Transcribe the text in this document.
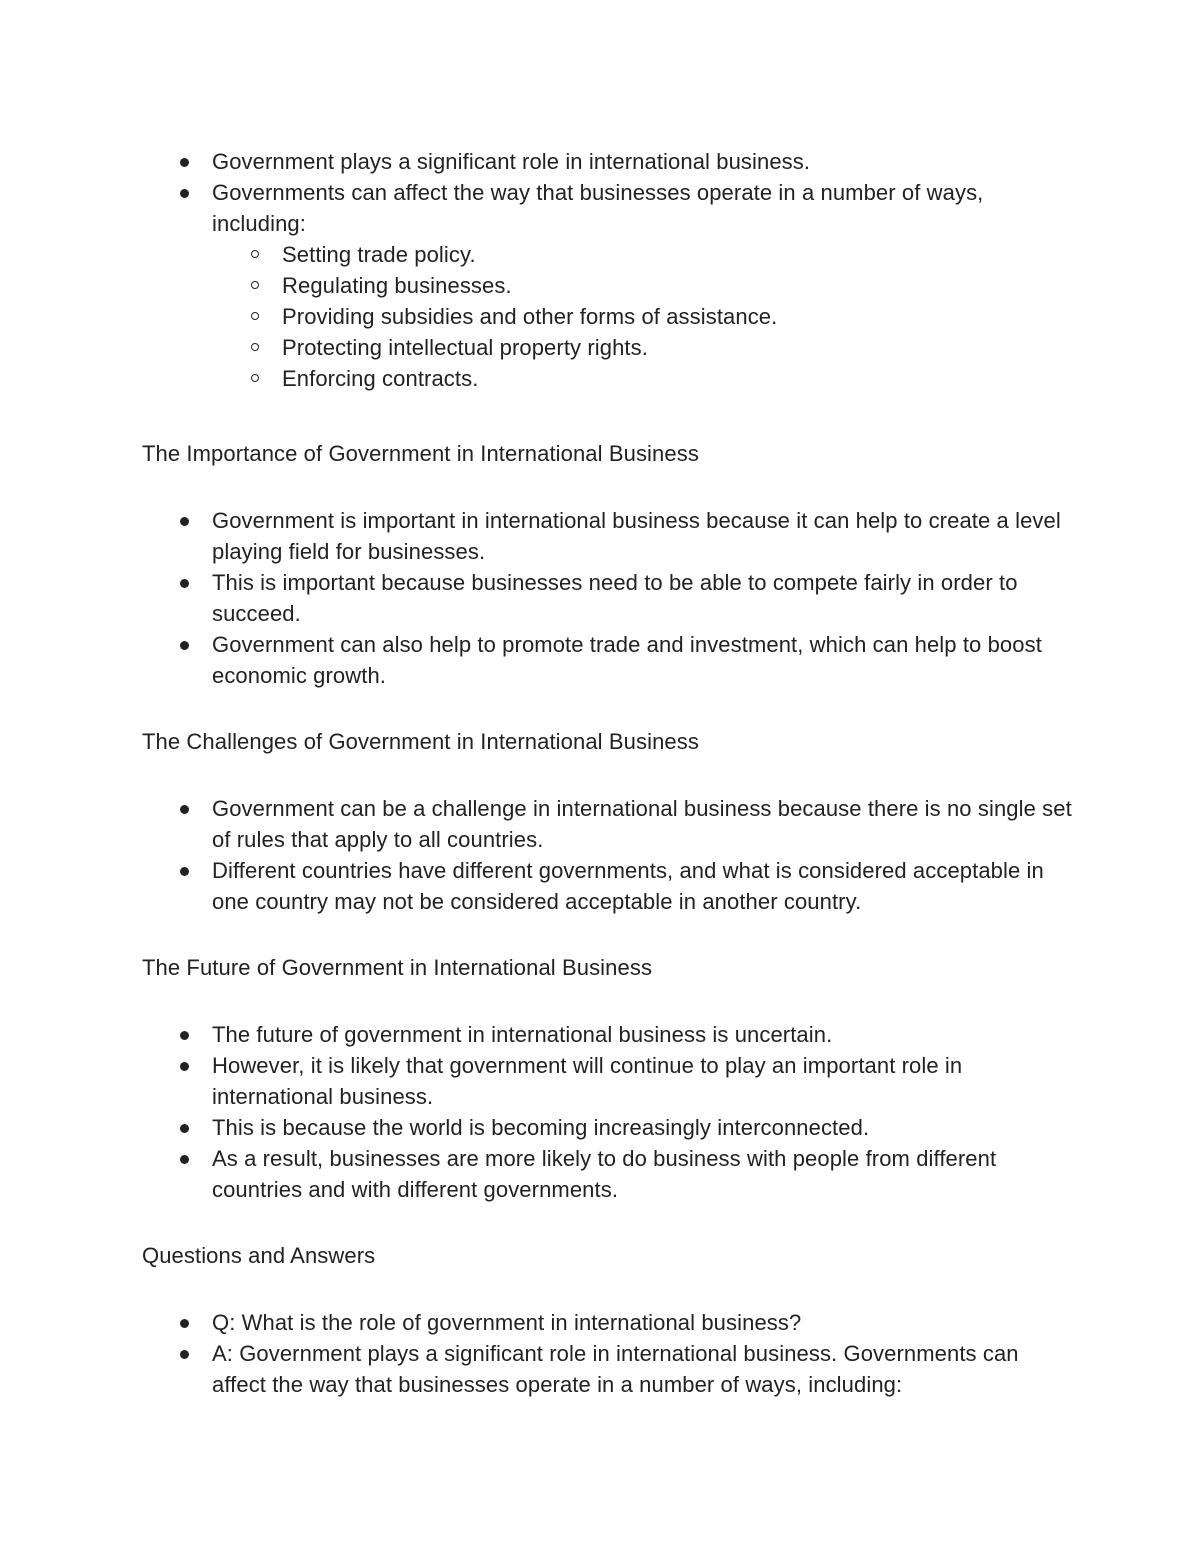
Government plays a significant role in international business.
Governments can affect the way that businesses operate in a number of ways, including:
Setting trade policy.
Regulating businesses.
Providing subsidies and other forms of assistance.
Protecting intellectual property rights.
Enforcing contracts.

The Importance of Government in International Business

Government is important in international business because it can help to create a level playing field for businesses.
This is important because businesses need to be able to compete fairly in order to succeed.
Government can also help to promote trade and investment, which can help to boost economic growth.

The Challenges of Government in International Business

Government can be a challenge in international business because there is no single set of rules that apply to all countries.
Different countries have different governments, and what is considered acceptable in one country may not be considered acceptable in another country.

The Future of Government in International Business

The future of government in international business is uncertain.
However, it is likely that government will continue to play an important role in international business.
This is because the world is becoming increasingly interconnected.
As a result, businesses are more likely to do business with people from different countries and with different governments.

Questions and Answers

Q: What is the role of government in international business?
A: Government plays a significant role in international business. Governments can affect the way that businesses operate in a number of ways, including:
